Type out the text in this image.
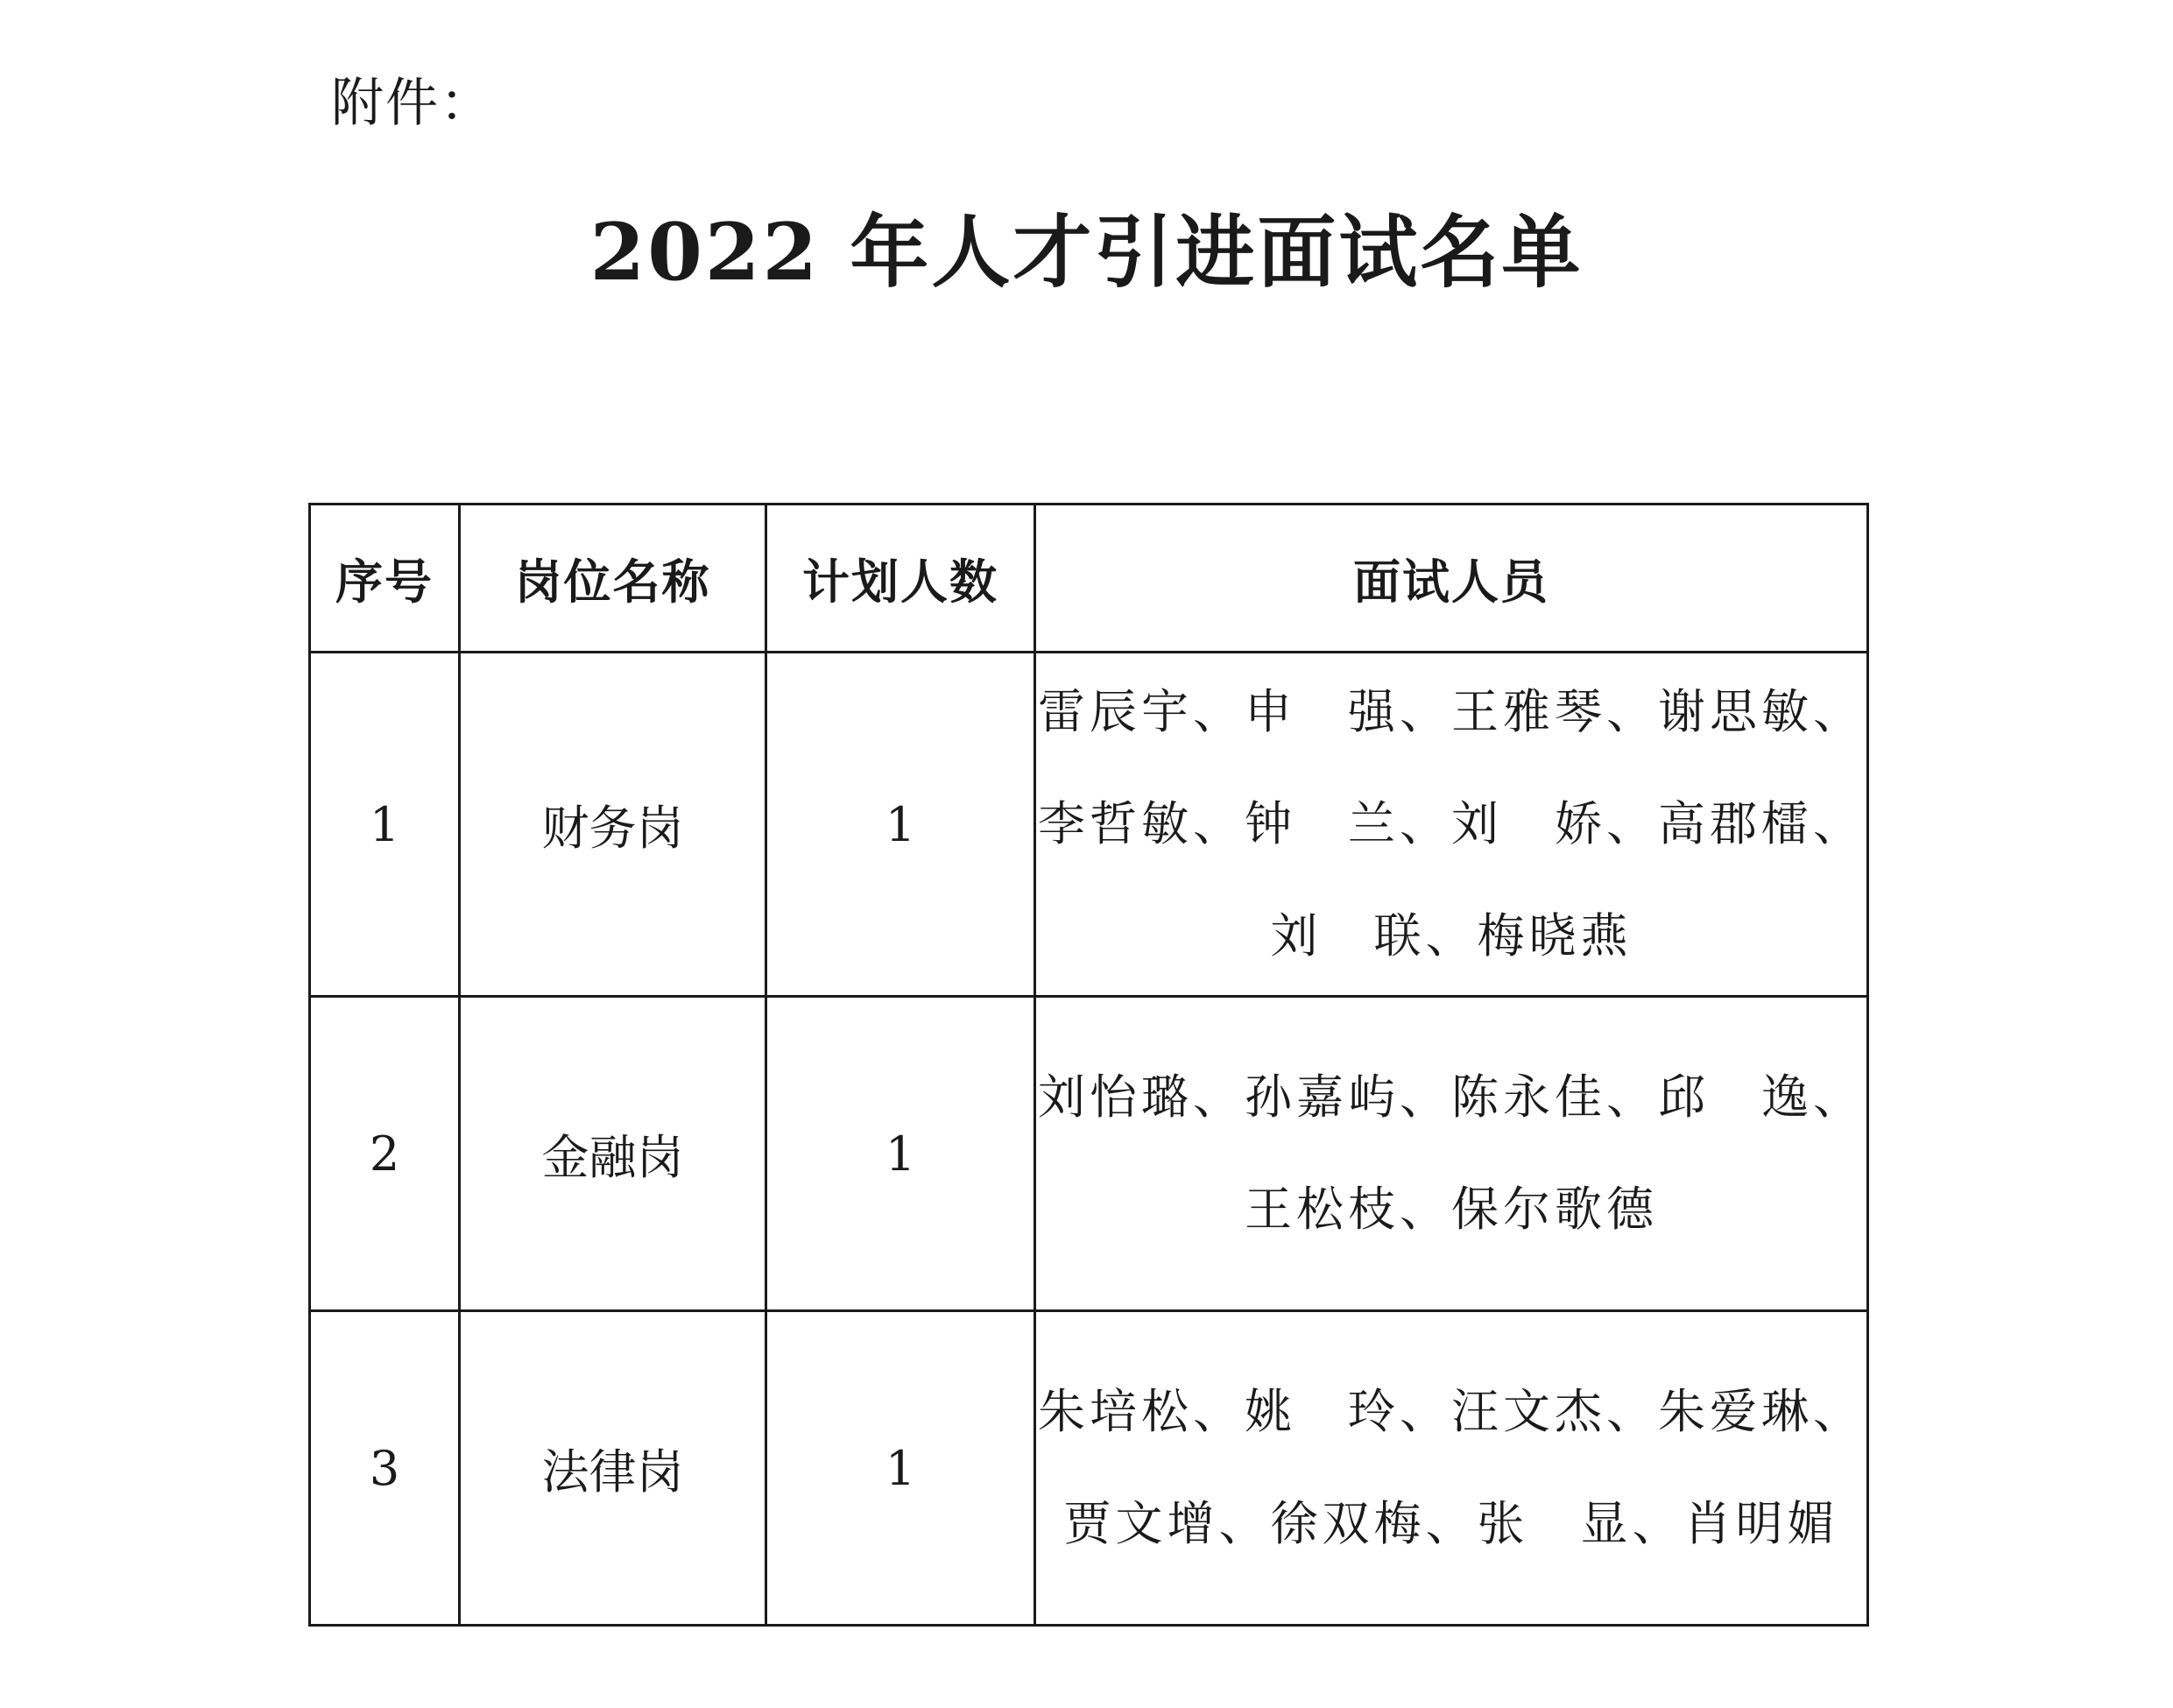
附件：
2022 年人才引进面试名单
序号	岗位名称	计划人数	面试人员
1	财务岗	1	雷辰宇、申　强、王雅琴、谢思敏、
李哲敏、钟　兰、刘　娇、高郡檑、
刘　联、梅晓燕

2	金融岗	1	刘怡璐、孙嘉屿、陈永佳、邱　逸、
王松枝、保尔歌德

3	法律岗	1	朱培松、姚　玲、汪文杰、朱爱琳、
贾文增、徐双梅、张　显、肖明媚
